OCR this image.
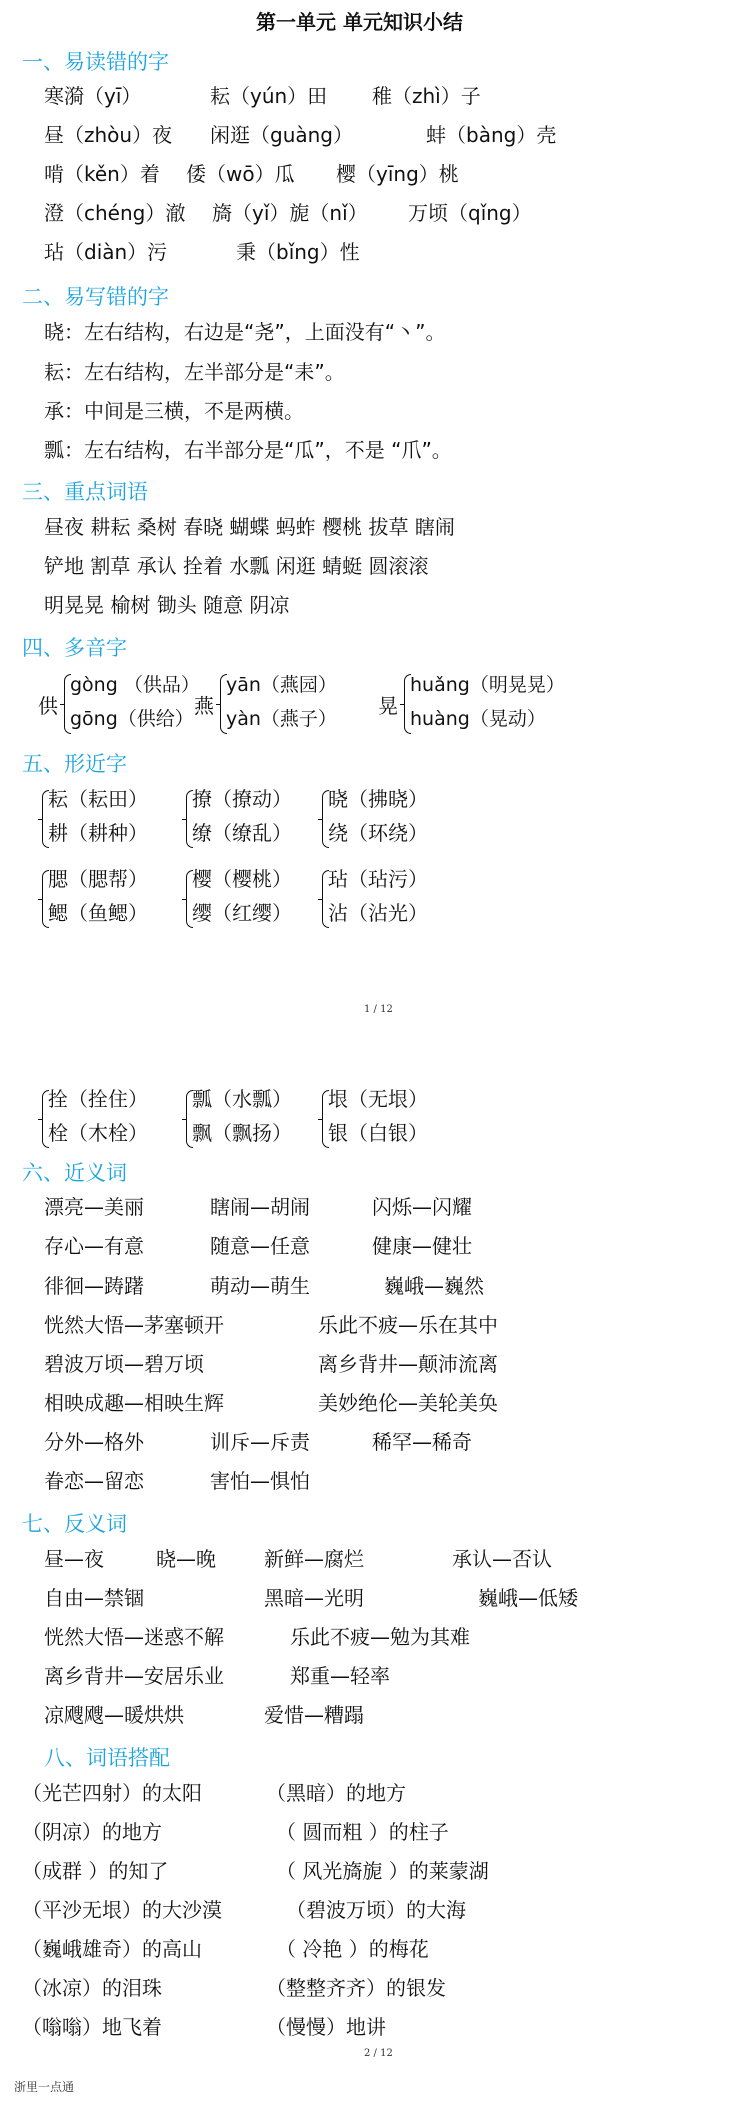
第一单元 单元知识小结
一、易读错的字
寒漪（yī）	耘（yún）田 稚（zhì）子
昼（zhòu）夜 闲逛（guàng）	蚌（bàng）壳
啃（kěn）着 倭（wō）瓜 樱（yīng）桃
澄（chéng）澈 旖（yǐ）旎（nǐ） 万顷（qǐng）
玷（diàn）污	秉（bǐng）性
二、易写错的字
晓：左右结构，右边是“尧”，上面没有“丶”。
耘：左右结构，左半部分是“耒”。
承：中间是三横，不是两横。
瓢：左右结构，右半部分是“瓜”，不是 “爪”。
三、重点词语
昼夜 耕耘 桑树 春晓 蝴蝶 蚂蚱 樱桃 拔草 瞎闹
铲地 割草 承认 拴着 水瓢 闲逛 蜻蜓 圆滚滚
明晃晃 榆树 锄头 随意 阴凉
四、多音字
供
gòng （供品）
gōng（供给）
燕
yān（燕园）
yàn（燕子）
晃
huǎng（明晃晃）
huàng（晃动）
五、形近字
耘（耘田）
耕（耕种）
撩（撩动）
缭（缭乱）
晓（拂晓）
绕（环绕）
腮（腮帮）
鳃（鱼鳃）
樱（樱桃）
缨（红缨）
玷（玷污）
沾（沾光）
1 / 12
拴（拴住）
栓（木栓）
瓢（水瓢）
飘（飘扬）
垠（无垠）
银（白银）
六、近义词
漂亮—美丽	瞎闹—胡闹	闪烁—闪耀
存心—有意	随意—任意	健康—健壮
徘徊—踌躇	萌动—萌生	巍峨—巍然
恍然大悟—茅塞顿开	乐此不疲—乐在其中
碧波万顷—碧万顷	离乡背井—颠沛流离
相映成趣—相映生辉	美妙绝伦—美轮美奂
分外—格外	训斥—斥责	稀罕—稀奇
眷恋—留恋	害怕—惧怕
七、反义词
昼—夜	晓—晚 新鲜—腐烂	承认—否认
自由—禁锢	黑暗—光明	巍峨—低矮
恍然大悟—迷惑不解	乐此不疲—勉为其难
离乡背井—安居乐业	郑重—轻率
凉飕飕—暖烘烘	爱惜—糟蹋
八、词语搭配
（光芒四射）的太阳	（黑暗）的地方
（阴凉）的地方	（ 圆而粗 ）的柱子
（成群 ）的知了	（ 风光旖旎 ）的莱蒙湖
（平沙无垠）的大沙漠	（碧波万顷）的大海
（巍峨雄奇）的高山	（ 冷艳 ）的梅花
（冰凉）的泪珠	（整整齐齐）的银发
（嗡嗡）地飞着	（慢慢）地讲
2 / 12
浙里一点通
